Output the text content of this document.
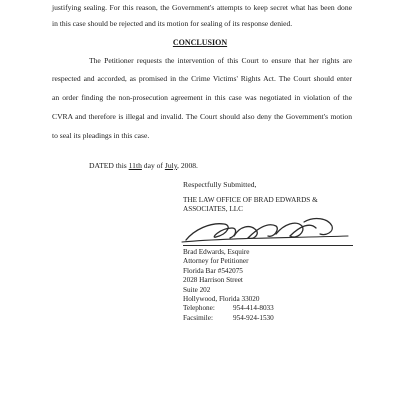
justifying sealing. For this reason, the Government's attempts to keep secret what has been done
in this case should be rejected and its motion for sealing of its response denied.
CONCLUSION
The Petitioner requests the intervention of this Court to ensure that her rights are
respected and accorded, as promised in the Crime Victims' Rights Act. The Court should enter
an order finding the non-prosecution agreement in this case was negotiated in violation of the
CVRA and therefore is illegal and invalid. The Court should also deny the Government's motion
to seal its pleadings in this case.
DATED this 11th day of July, 2008.
Respectfully Submitted,
THE LAW OFFICE OF BRAD EDWARDS &
ASSOCIATES, LLC
Brad Edwards, Esquire
Attorney for Petitioner
Florida Bar #542075
2028 Harrison Street
Suite 202
Hollywood, Florida 33020
Telephone:	954-414-8033
Facsimile:	954-924-1530
